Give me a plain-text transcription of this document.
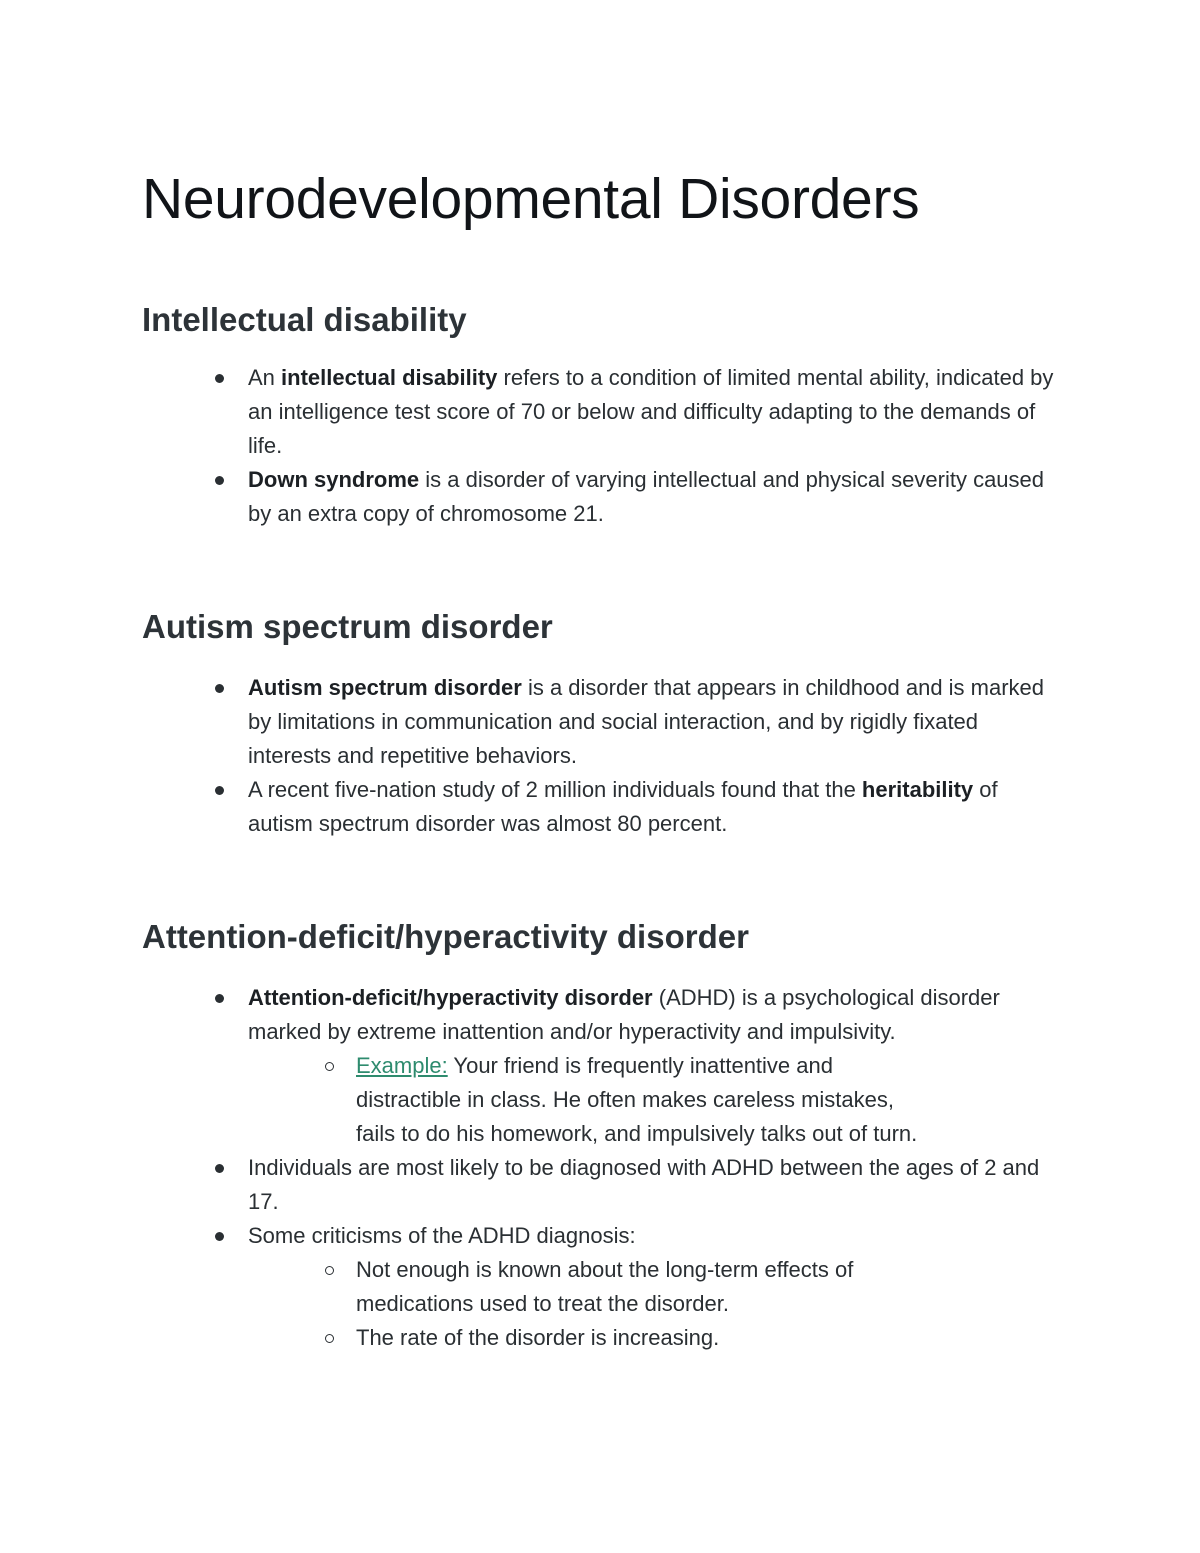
Neurodevelopmental Disorders
Intellectual disability
An intellectual disability refers to a condition of limited mental ability, indicated by an intelligence test score of 70 or below and difficulty adapting to the demands of life.
Down syndrome is a disorder of varying intellectual and physical severity caused by an extra copy of chromosome 21.
Autism spectrum disorder
Autism spectrum disorder is a disorder that appears in childhood and is marked by limitations in communication and social interaction, and by rigidly fixated interests and repetitive behaviors.
A recent five-nation study of 2 million individuals found that the heritability of autism spectrum disorder was almost 80 percent.
Attention-deficit/hyperactivity disorder
Attention-deficit/hyperactivity disorder (ADHD) is a psychological disorder marked by extreme inattention and/or hyperactivity and impulsivity.
Example: Your friend is frequently inattentive and distractible in class. He often makes careless mistakes, fails to do his homework, and impulsively talks out of turn.
Individuals are most likely to be diagnosed with ADHD between the ages of 2 and 17.
Some criticisms of the ADHD diagnosis:
Not enough is known about the long-term effects of medications used to treat the disorder.
The rate of the disorder is increasing.
